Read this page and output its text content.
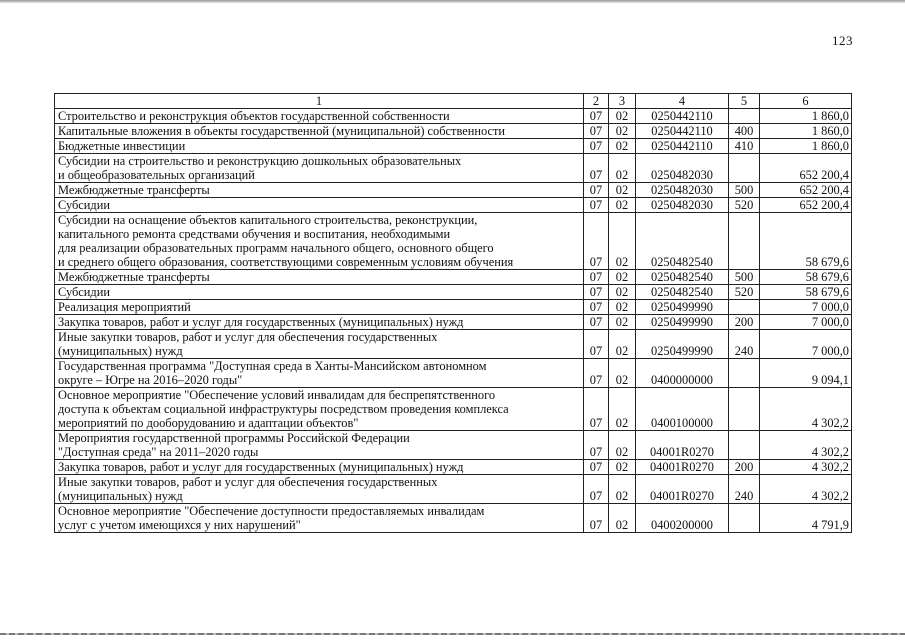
123
1	2	3	4	5	6
Строительство и реконструкция объектов государственной собственности	07	02	0250442110		1 860,0
Капитальные вложения в объекты государственной (муниципальной) собственности	07	02	0250442110	400	1 860,0
Бюджетные инвестиции	07	02	0250442110	410	1 860,0
Субсидии на строительство и реконструкцию дошкольных образовательных
и общеобразовательных организаций	07	02	0250482030		652 200,4
Межбюджетные трансферты	07	02	0250482030	500	652 200,4
Субсидии	07	02	0250482030	520	652 200,4
Субсидии на оснащение объектов капитального строительства, реконструкции,
капитального ремонта средствами обучения и воспитания, необходимыми
для реализации образовательных программ начального общего, основного общего
и среднего общего образования, соответствующими современным условиям обучения	07	02	0250482540		58 679,6
Межбюджетные трансферты	07	02	0250482540	500	58 679,6
Субсидии	07	02	0250482540	520	58 679,6
Реализация мероприятий	07	02	0250499990		7 000,0
Закупка товаров, работ и услуг для государственных (муниципальных) нужд	07	02	0250499990	200	7 000,0
Иные закупки товаров, работ и услуг для обеспечения государственных
(муниципальных) нужд	07	02	0250499990	240	7 000,0
Государственная программа "Доступная среда в Ханты-Мансийском автономном
округе – Югре на 2016–2020 годы"	07	02	0400000000		9 094,1
Основное мероприятие "Обеспечение условий инвалидам для беспрепятственного
доступа к объектам социальной инфраструктуры посредством проведения комплекса
мероприятий по дооборудованию и адаптации объектов"	07	02	0400100000		4 302,2
Мероприятия государственной программы Российской Федерации
"Доступная среда" на 2011–2020 годы	07	02	04001R0270		4 302,2
Закупка товаров, работ и услуг для государственных (муниципальных) нужд	07	02	04001R0270	200	4 302,2
Иные закупки товаров, работ и услуг для обеспечения государственных
(муниципальных) нужд	07	02	04001R0270	240	4 302,2
Основное мероприятие "Обеспечение доступности предоставляемых инвалидам
услуг с учетом имеющихся у них нарушений"	07	02	0400200000		4 791,9
